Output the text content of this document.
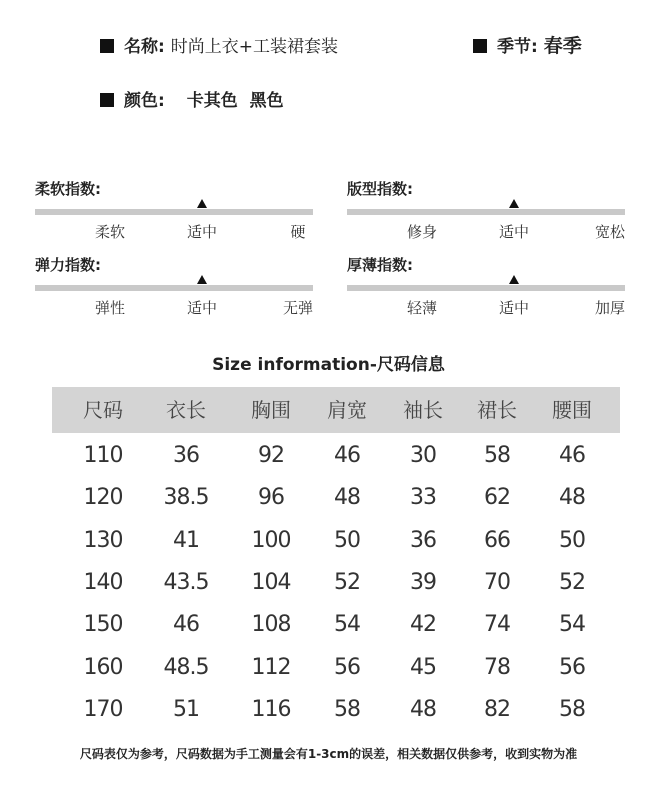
名称: 时尚上衣+工装裙套装	季节: 春季
颜色: 卡其色  黑色
柔软指数:
柔软	适中	硬
版型指数:
修身	适中	宽松
弹力指数:
弹性	适中	无弹
厚薄指数:
轻薄	适中	加厚
Size information-尺码信息
尺码	衣长	胸围	肩宽	袖长	裙长	腰围
110	36	92	46	30	58	46
120	38.5	96	48	33	62	48
130	41	100	50	36	66	50
140	43.5	104	52	39	70	52
150	46	108	54	42	74	54
160	48.5	112	56	45	78	56
170	51	116	58	48	82	58
尺码表仅为参考，尺码数据为手工测量会有1-3cm的误差，相关数据仅供参考，收到实物为准
